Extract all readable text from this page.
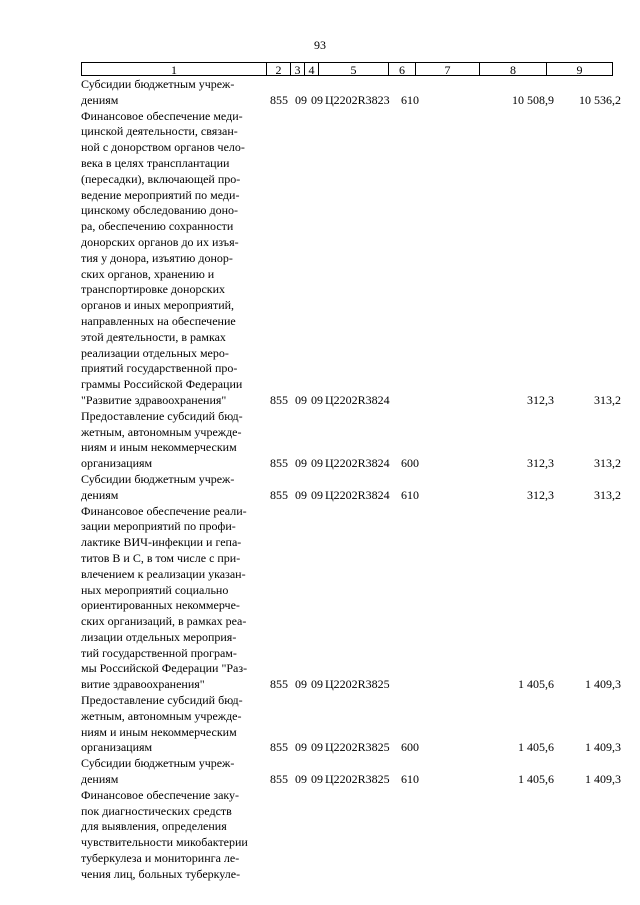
93
1	2	3 4	5	6	7	8	9
Субсидии бюджетным учреж-
дениям	855 09 09 Ц2202R3823 610	10 508,9	10 536,2
Финансовое обеспечение меди-
цинской деятельности, связан-
ной с донорством органов чело-
века в целях трансплантации
(пересадки), включающей про-
ведение мероприятий по меди-
цинскому обследованию доно-
ра, обеспечению сохранности
донорских органов до их изъя-
тия у донора, изъятию донор-
ских органов, хранению и
транспортировке донорских
органов и иных мероприятий,
направленных на обеспечение
этой деятельности, в рамках
реализации отдельных меро-
приятий государственной про-
граммы Российской Федерации
"Развитие здравоохранения"	855 09 09 Ц2202R3824	312,3	313,2
Предоставление субсидий бюд-
жетным, автономным учрежде-
ниям и иным некоммерческим
организациям	855 09 09 Ц2202R3824 600	312,3	313,2
Субсидии бюджетным учреж-
дениям	855 09 09 Ц2202R3824 610	312,3	313,2
Финансовое обеспечение реали-
зации мероприятий по профи-
лактике ВИЧ-инфекции и гепа-
титов В и С, в том числе с при-
влечением к реализации указан-
ных мероприятий социально
ориентированных некоммерче-
ских организаций, в рамках реа-
лизации отдельных мероприя-
тий государственной програм-
мы Российской Федерации "Раз-
витие здравоохранения"	855 09 09 Ц2202R3825	1 405,6	1 409,3
Предоставление субсидий бюд-
жетным, автономным учрежде-
ниям и иным некоммерческим
организациям	855 09 09 Ц2202R3825 600	1 405,6	1 409,3
Субсидии бюджетным учреж-
дениям	855 09 09 Ц2202R3825 610	1 405,6	1 409,3
Финансовое обеспечение заку-
пок диагностических средств
для выявления, определения
чувствительности микобактерии
туберкулеза и мониторинга ле-
чения лиц, больных туберкуле-
